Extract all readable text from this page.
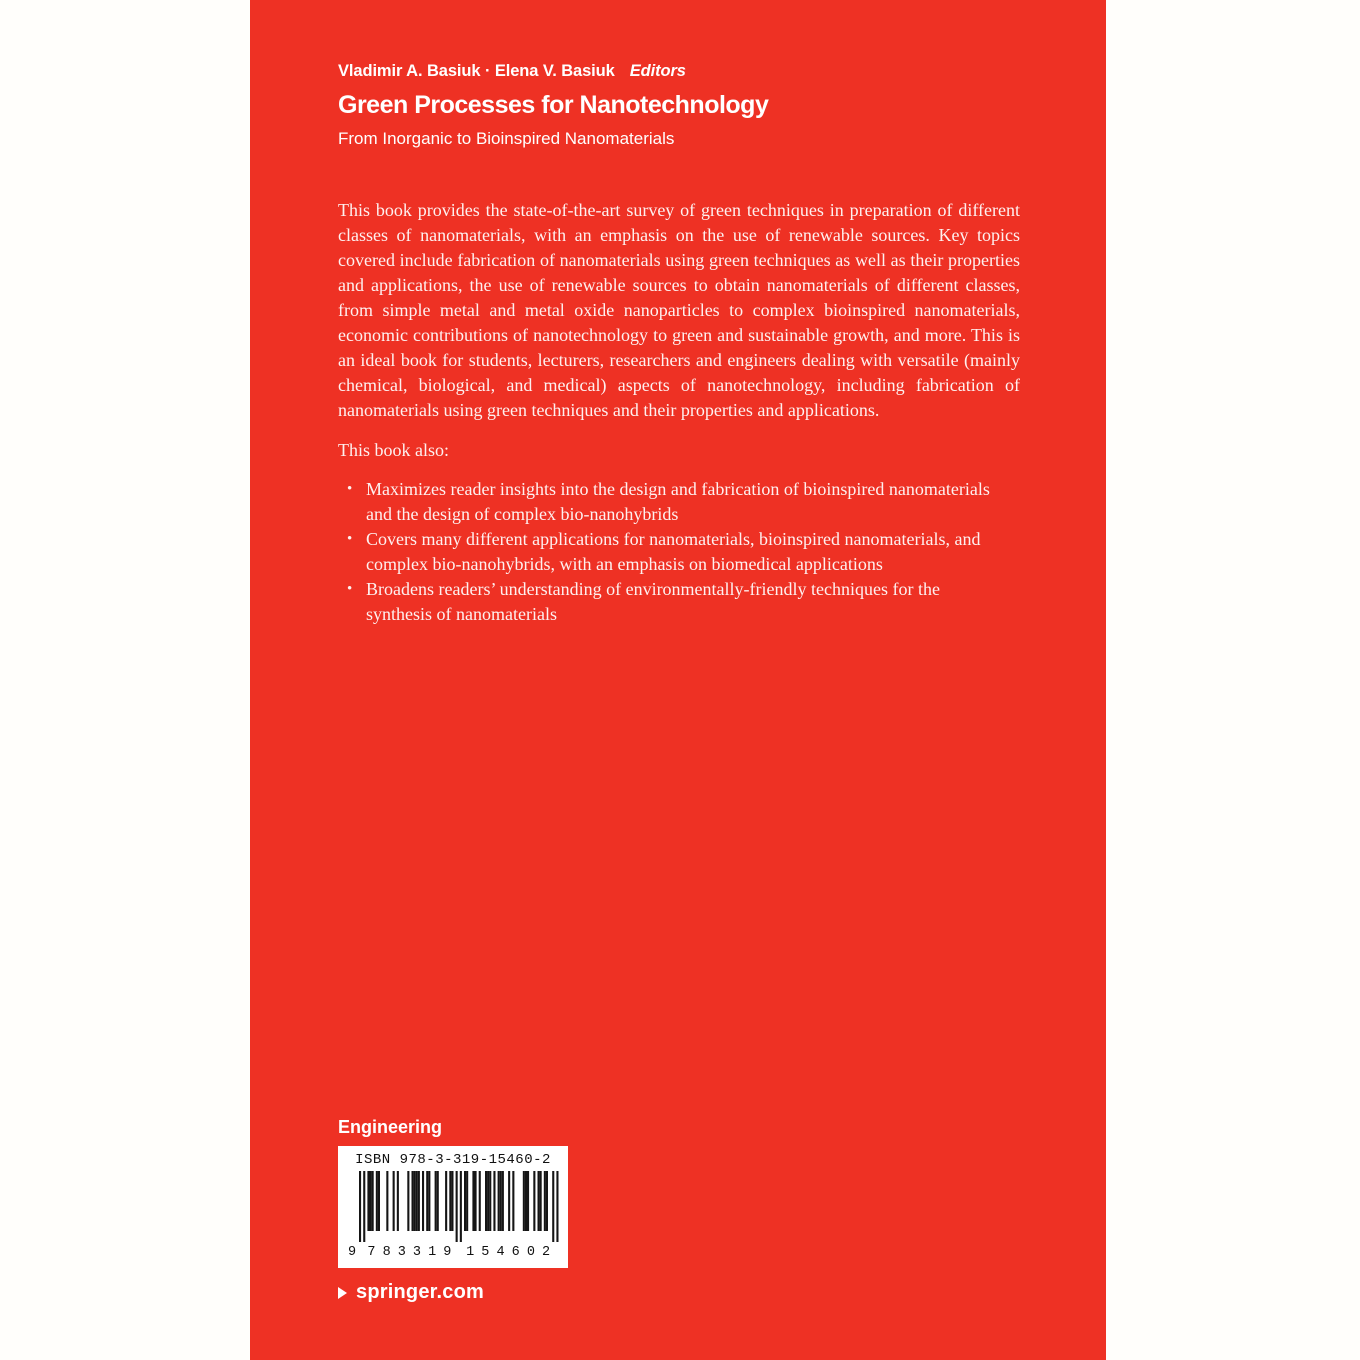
Vladimir A. Basiuk · Elena V. Basiuk Editors
Green Processes for Nanotechnology
From Inorganic to Bioinspired Nanomaterials
This book provides the state-of-the-art survey of green techniques in preparation of different classes of nanomaterials, with an emphasis on the use of renewable sources. Key topics covered include fabrication of nanomaterials using green techniques as well as their properties and applications, the use of renewable sources to obtain nanomaterials of different classes, from simple metal and metal oxide nanoparticles to complex bioinspired nanomaterials, economic contributions of nanotechnology to green and sustainable growth, and more. This is an ideal book for students, lecturers, researchers and engineers dealing with versatile (mainly chemical, biological, and medical) aspects of nanotechnology, including fabrication of nanomaterials using green techniques and their properties and applications.
This book also:
• Maximizes reader insights into the design and fabrication of bioinspired nanomaterials and the design of complex bio-nanohybrids
• Covers many different applications for nanomaterials, bioinspired nanomaterials, and complex bio-nanohybrids, with an emphasis on biomedical applications
• Broadens readers’ understanding of environmentally-friendly techniques for the synthesis of nanomaterials
Engineering
ISBN 978-3-319-15460-2
9 783319 154602
springer.com
